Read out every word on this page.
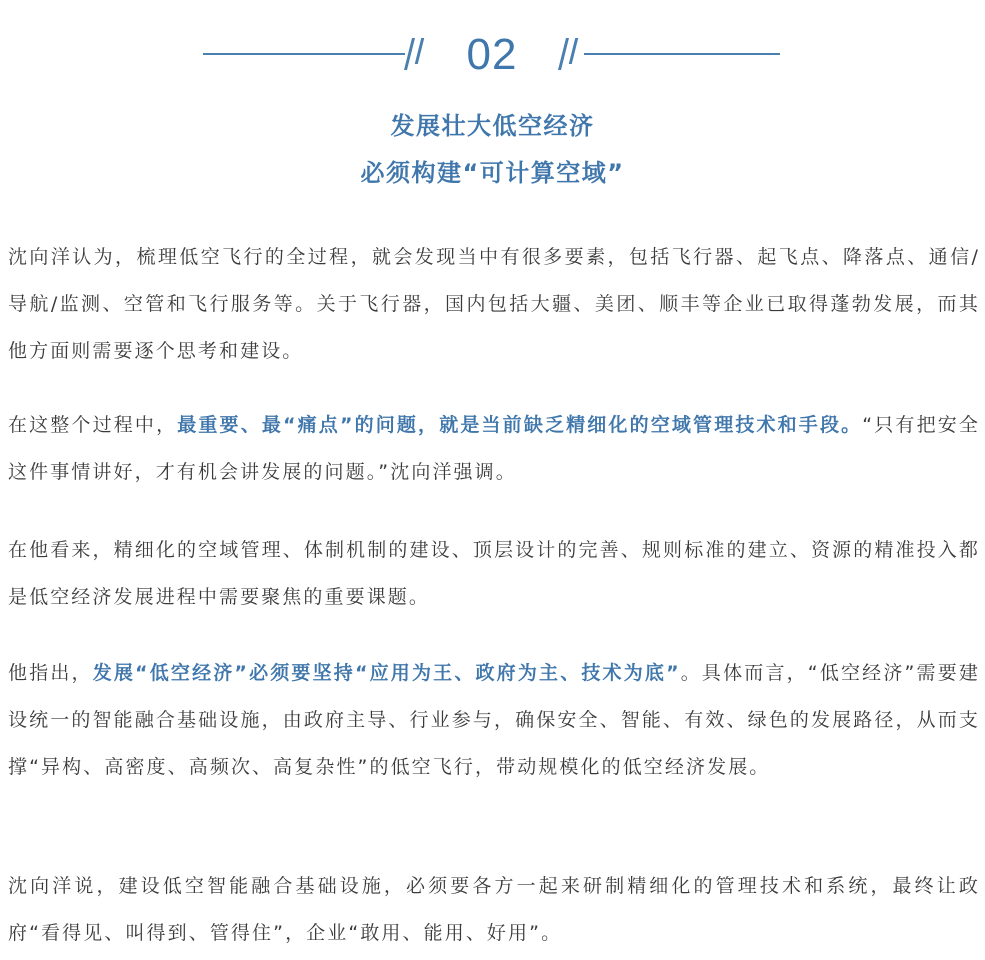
02
发展壮大低空经济
必须构建“可计算空域”
沈向洋认为，梳理低空飞行的全过程，就会发现当中有很多要素，包括飞行器、起飞点、降落点、通信/导航/监测、空管和飞行服务等。关于飞行器，国内包括大疆、美团、顺丰等企业已取得蓬勃发展，而其他方面则需要逐个思考和建设。
在这整个过程中，最重要、最“痛点”的问题，就是当前缺乏精细化的空域管理技术和手段。“只有把安全这件事情讲好，才有机会讲发展的问题。”沈向洋强调。
在他看来，精细化的空域管理、体制机制的建设、顶层设计的完善、规则标准的建立、资源的精准投入都是低空经济发展进程中需要聚焦的重要课题。
他指出，发展“低空经济”必须要坚持“应用为王、政府为主、技术为底”。具体而言，“低空经济”需要建设统一的智能融合基础设施，由政府主导、行业参与，确保安全、智能、有效、绿色的发展路径，从而支撑“异构、高密度、高频次、高复杂性”的低空飞行，带动规模化的低空经济发展。
沈向洋说，建设低空智能融合基础设施，必须要各方一起来研制精细化的管理技术和系统，最终让政府“看得见、叫得到、管得住”，企业“敢用、能用、好用”。
